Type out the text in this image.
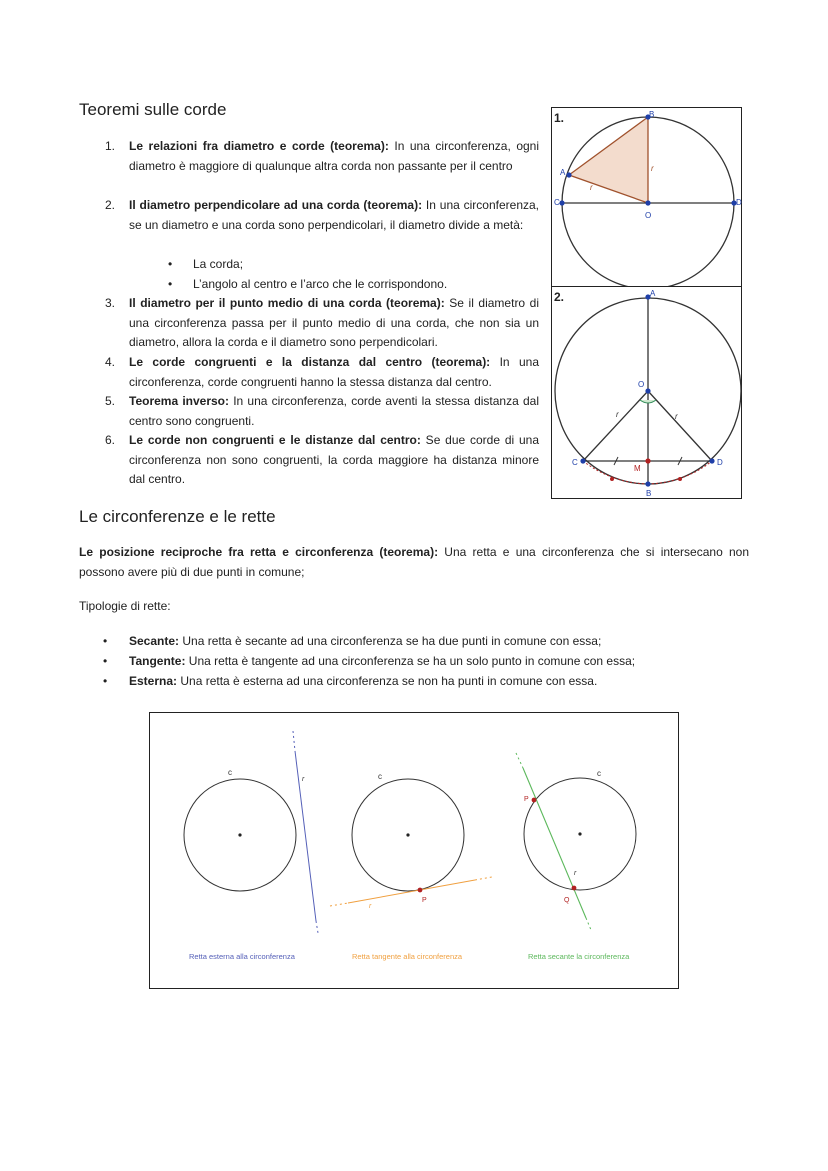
Teoremi sulle corde
1. Le relazioni fra diametro e corde (teorema): In una circonferenza, ogni diametro è maggiore di qualunque altra corda non passante per il centro
2. Il diametro perpendicolare ad una corda (teorema): In una circonferenza, se un diametro e una corda sono perpendicolari, il diametro divide a metà:
• La corda;
• L’angolo al centro e l’arco che le corrispondono.
3. Il diametro per il punto medio di una corda (teorema): Se il diametro di una circonferenza passa per il punto medio di una corda, che non sia un diametro, allora la corda e il diametro sono perpendicolari.
4. Le corde congruenti e la distanza dal centro (teorema): In una circonferenza, corde congruenti hanno la stessa distanza dal centro.
5. Teorema inverso: In una circonferenza, corde aventi la stessa distanza dal centro sono congruenti.
6. Le corde non congruenti e le distanze dal centro: Se due corde di una circonferenza non sono congruenti, la corda maggiore ha distanza minore dal centro.
1.
A
B
C	D
O
r
r
2.	A
B
C	D
O
M
r	r
Le circonferenze e le rette
Le posizione reciproche fra retta e circonferenza (teorema): Una retta e una circonferenza che si intersecano non possono avere più di due punti in comune;
Tipologie di rette:
• Secante: Una retta è secante ad una circonferenza se ha due punti in comune con essa;
• Tangente: Una retta è tangente ad una circonferenza se ha un solo punto in comune con essa;
• Esterna: Una retta è esterna ad una circonferenza se non ha punti in comune con essa.
c
r	c
P
r
c
P
Q
r
Retta esterna alla circonferenza	Retta tangente alla circonferenza	Retta secante la circonferenza
